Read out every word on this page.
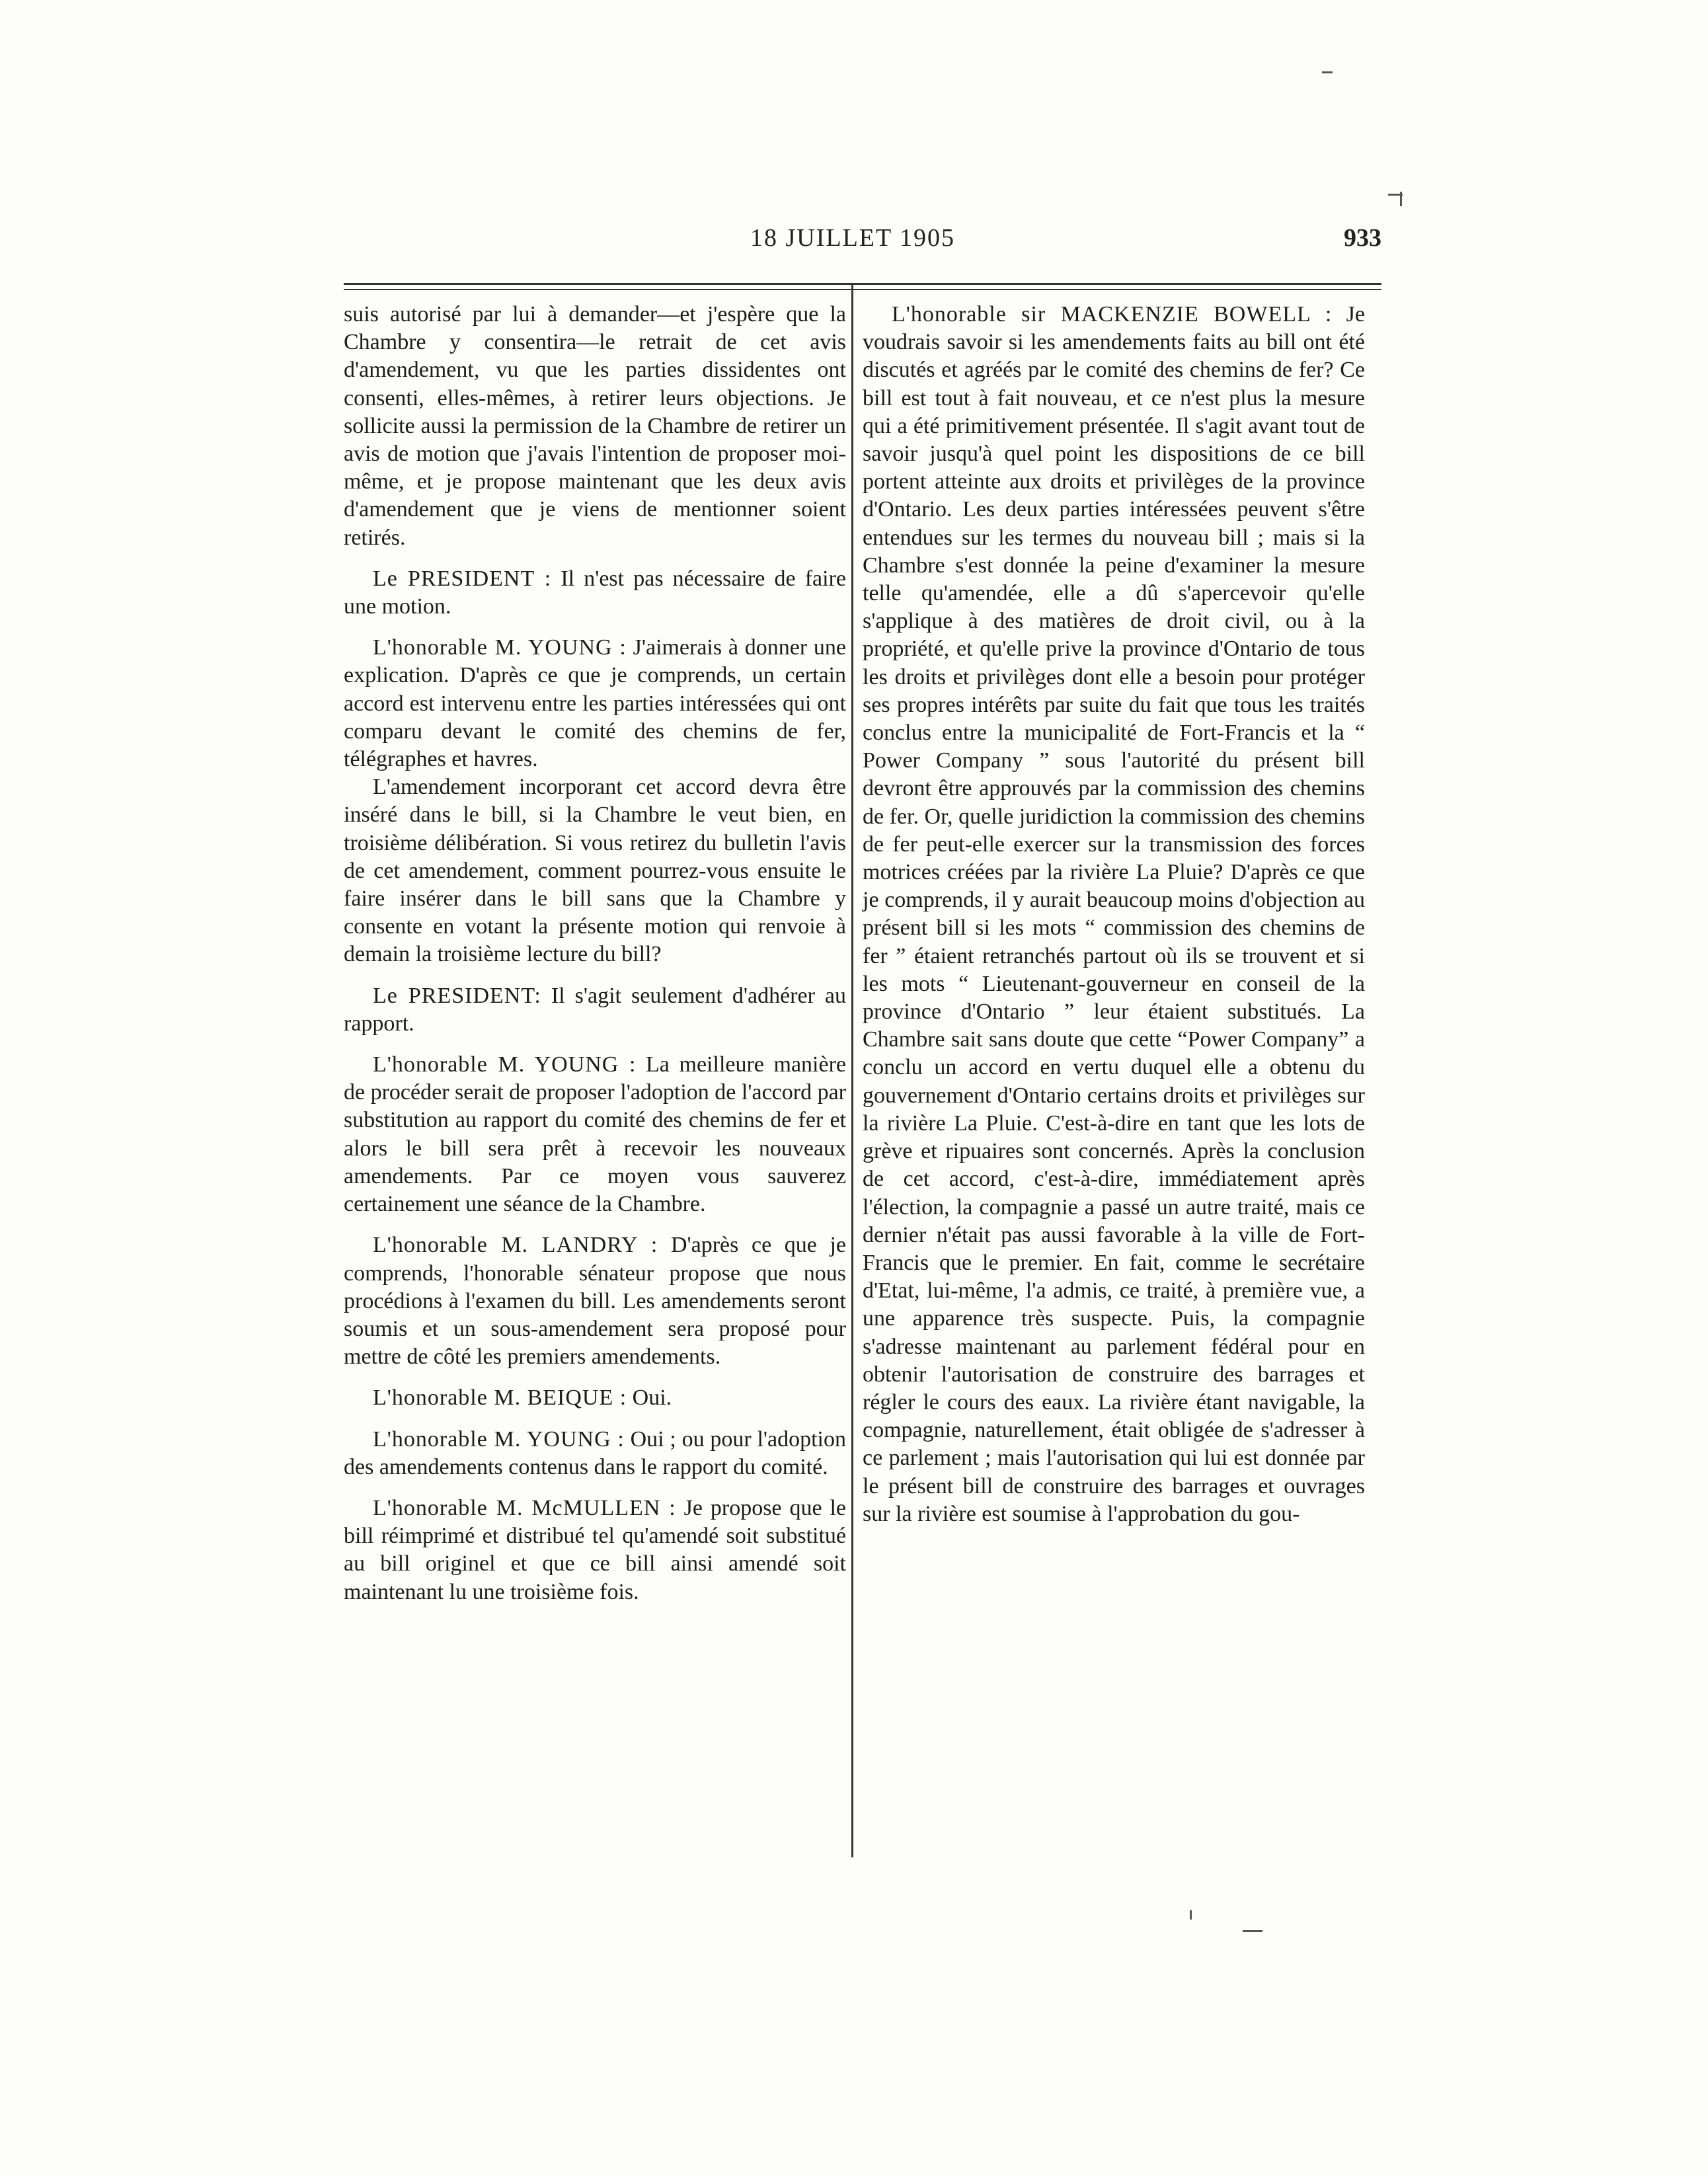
18 JUILLET 1905	933

suis autorisé par lui à demander—et j'espère que la Chambre y consentira—le retrait de cet avis d'amendement, vu que les parties dissidentes ont consenti, elles-mêmes, à retirer leurs objections. Je sollicite aussi la permission de la Chambre de retirer un avis de motion que j'avais l'intention de proposer moi-même, et je propose maintenant que les deux avis d'amendement que je viens de mentionner soient retirés.

Le PRESIDENT : Il n'est pas nécessaire de faire une motion.

L'honorable M. YOUNG : J'aimerais à donner une explication. D'après ce que je comprends, un certain accord est intervenu entre les parties intéressées qui ont comparu devant le comité des chemins de fer, télégraphes et havres.

L'amendement incorporant cet accord devra être inséré dans le bill, si la Chambre le veut bien, en troisième délibération. Si vous retirez du bulletin l'avis de cet amendement, comment pourrez-vous ensuite le faire insérer dans le bill sans que la Chambre y consente en votant la présente motion qui renvoie à demain la troisième lecture du bill?

Le PRESIDENT: Il s'agit seulement d'adhérer au rapport.

L'honorable M. YOUNG : La meilleure manière de procéder serait de proposer l'adoption de l'accord par substitution au rapport du comité des chemins de fer et alors le bill sera prêt à recevoir les nouveaux amendements. Par ce moyen vous sauverez certainement une séance de la Chambre.

L'honorable M. LANDRY : D'après ce que je comprends, l'honorable sénateur propose que nous procédions à l'examen du bill. Les amendements seront soumis et un sous-amendement sera proposé pour mettre de côté les premiers amendements.

L'honorable M. BEIQUE : Oui.

L'honorable M. YOUNG : Oui ; ou pour l'adoption des amendements contenus dans le rapport du comité.

L'honorable M. McMULLEN : Je propose que le bill réimprimé et distribué tel qu'amendé soit substitué au bill originel et que ce bill ainsi amendé soit maintenant lu une troisième fois.

L'honorable sir MACKENZIE BOWELL : Je voudrais savoir si les amendements faits au bill ont été discutés et agréés par le comité des chemins de fer? Ce bill est tout à fait nouveau, et ce n'est plus la mesure qui a été primitivement présentée. Il s'agit avant tout de savoir jusqu'à quel point les dispositions de ce bill portent atteinte aux droits et privilèges de la province d'Ontario. Les deux parties intéressées peuvent s'être entendues sur les termes du nouveau bill ; mais si la Chambre s'est donnée la peine d'examiner la mesure telle qu'amendée, elle a dû s'apercevoir qu'elle s'applique à des matières de droit civil, ou à la propriété, et qu'elle prive la province d'Ontario de tous les droits et privilèges dont elle a besoin pour protéger ses propres intérêts par suite du fait que tous les traités conclus entre la municipalité de Fort-Francis et la “ Power Company ” sous l'autorité du présent bill devront être approuvés par la commission des chemins de fer. Or, quelle juridiction la commission des chemins de fer peut-elle exercer sur la transmission des forces motrices créées par la rivière La Pluie? D'après ce que je comprends, il y aurait beaucoup moins d'objection au présent bill si les mots “ commission des chemins de fer ” étaient retranchés partout où ils se trouvent et si les mots “ Lieutenant-gouverneur en conseil de la province d'Ontario ” leur étaient substitués. La Chambre sait sans doute que cette “Power Company” a conclu un accord en vertu duquel elle a obtenu du gouvernement d'Ontario certains droits et privilèges sur la rivière La Pluie. C'est-à-dire en tant que les lots de grève et ripuaires sont concernés. Après la conclusion de cet accord, c'est-à-dire, immédiatement après l'élection, la compagnie a passé un autre traité, mais ce dernier n'était pas aussi favorable à la ville de Fort-Francis que le premier. En fait, comme le secrétaire d'Etat, lui-même, l'a admis, ce traité, à première vue, a une apparence très suspecte. Puis, la compagnie s'adresse maintenant au parlement fédéral pour en obtenir l'autorisation de construire des barrages et régler le cours des eaux. La rivière étant navigable, la compagnie, naturellement, était obligée de s'adresser à ce parlement ; mais l'autorisation qui lui est donnée par le présent bill de construire des barrages et ouvrages sur la rivière est soumise à l'approbation du gou-
